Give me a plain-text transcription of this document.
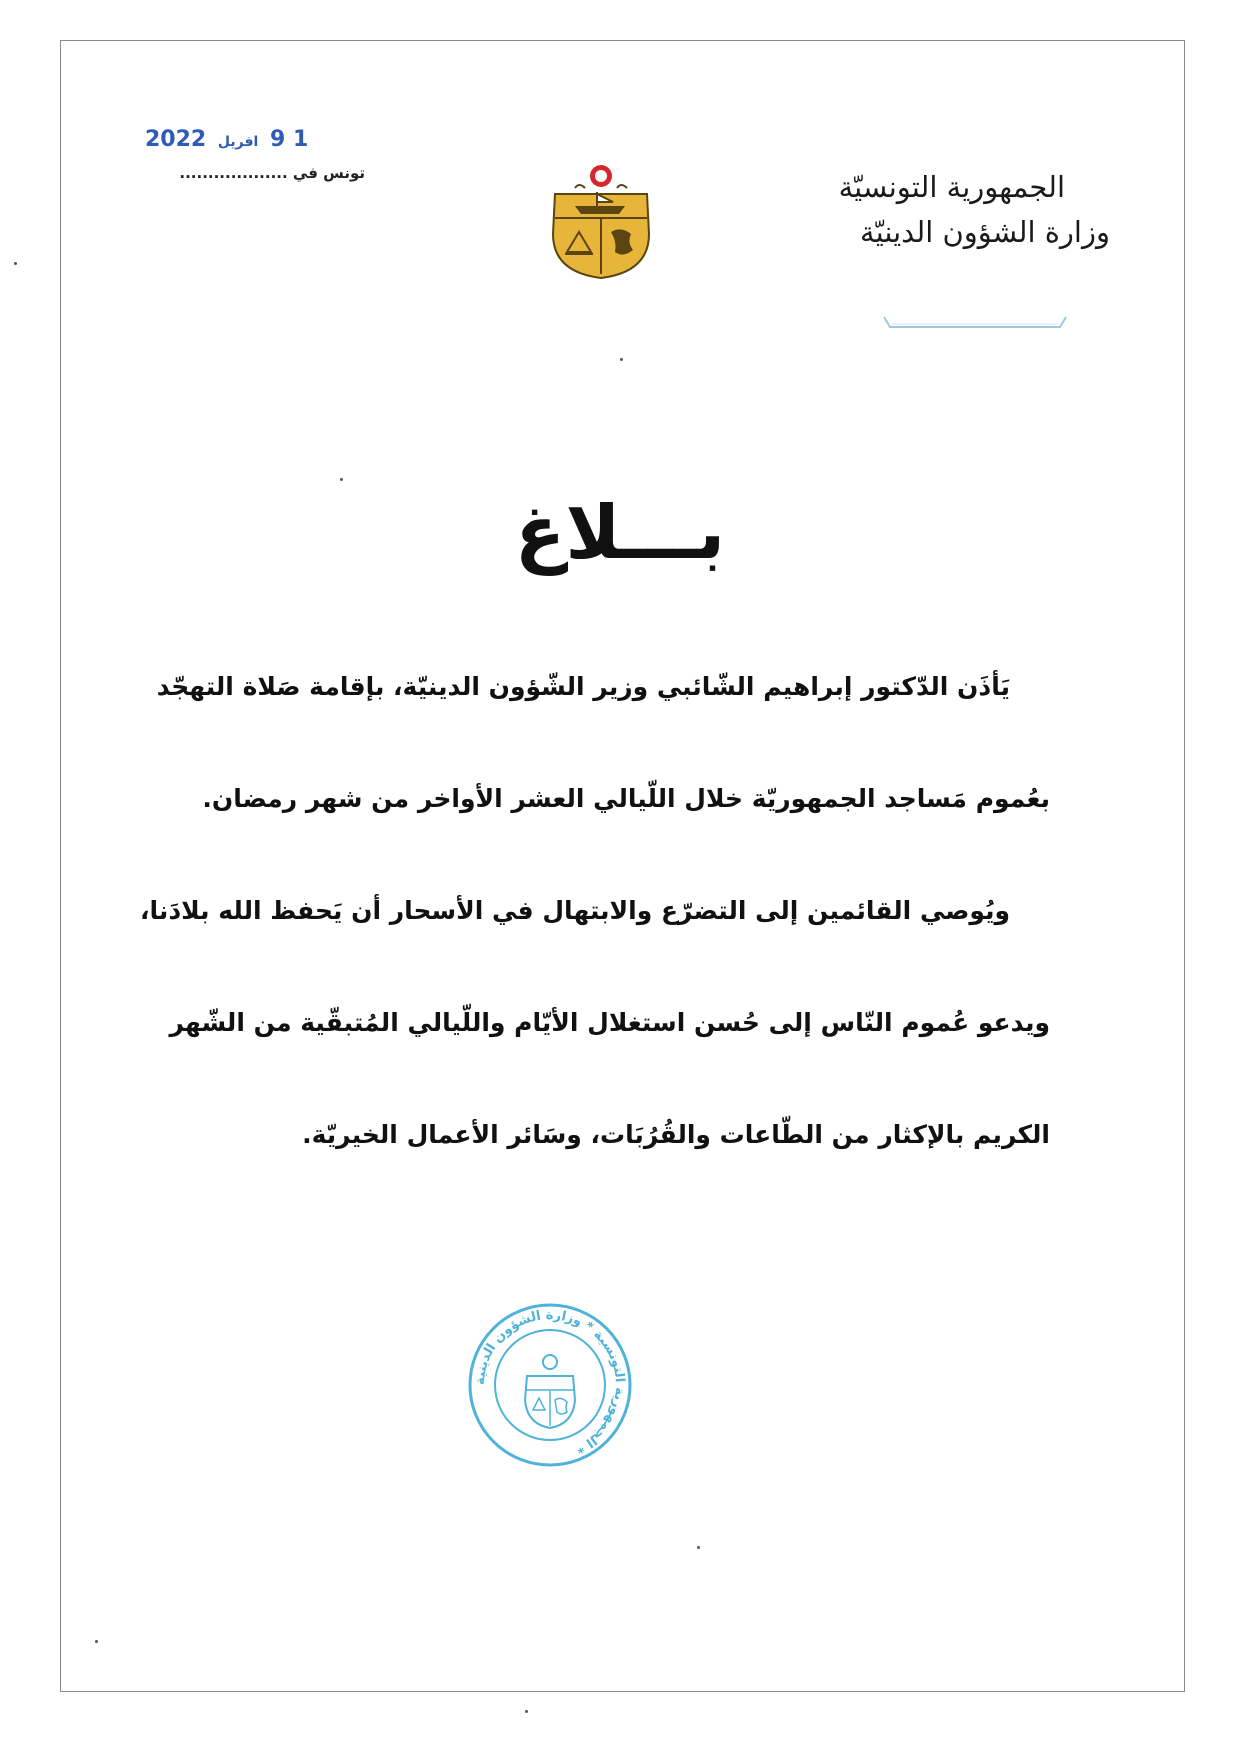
الجمهورية التونسيّة
وزارة الشؤون الدينيّة
1 9 افريل 2022
تونس في ...................
بـــلاغ

يَأذَن الدّكتور إبراهيم الشّائبي وزير الشّؤون الدينيّة، بإقامة صَلاة التهجّد

بعُموم مَساجد الجمهوريّة خلال اللّيالي العشر الأواخر من شهر رمضان.

ويُوصي القائمين إلى التضرّع والابتهال في الأسحار أن يَحفظ الله بلادَنا،

ويدعو عُموم النّاس إلى حُسن استغلال الأيّام واللّيالي المُتبقّية من الشّهر

الكريم بالإكثار من الطّاعات والقُرُبَات، وسَائر الأعمال الخيريّة.

الجمهورية التونسية * وزارة الشؤون الدينية *
